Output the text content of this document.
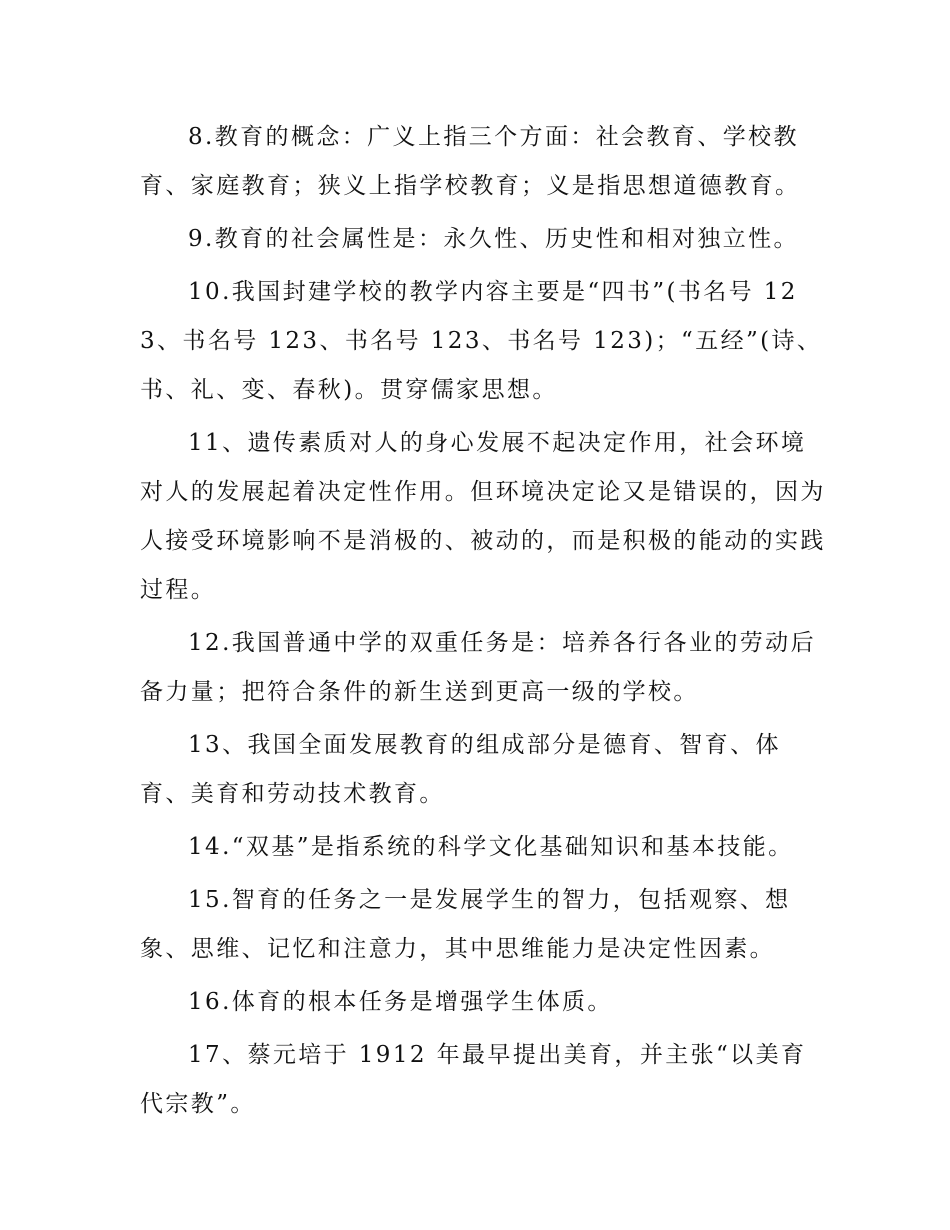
8.教育的概念：广义上指三个方面：社会教育、学校教育、家庭教育；狭义上指学校教育；义是指思想道德教育。

9.教育的社会属性是：永久性、历史性和相对独立性。

10.我国封建学校的教学内容主要是“四书”(书名号 123、书名号 123、书名号 123、书名号 123)；“五经”(诗、书、礼、变、春秋)。贯穿儒家思想。

11、遗传素质对人的身心发展不起决定作用，社会环境对人的发展起着决定性作用。但环境决定论又是错误的，因为人接受环境影响不是消极的、被动的，而是积极的能动的实践过程。

12.我国普通中学的双重任务是：培养各行各业的劳动后备力量；把符合条件的新生送到更高一级的学校。

13、我国全面发展教育的组成部分是德育、智育、体育、美育和劳动技术教育。

14.“双基”是指系统的科学文化基础知识和基本技能。

15.智育的任务之一是发展学生的智力，包括观察、想象、思维、记忆和注意力，其中思维能力是决定性因素。

16.体育的根本任务是增强学生体质。

17、蔡元培于 1912 年最早提出美育，并主张“以美育代宗教”。
